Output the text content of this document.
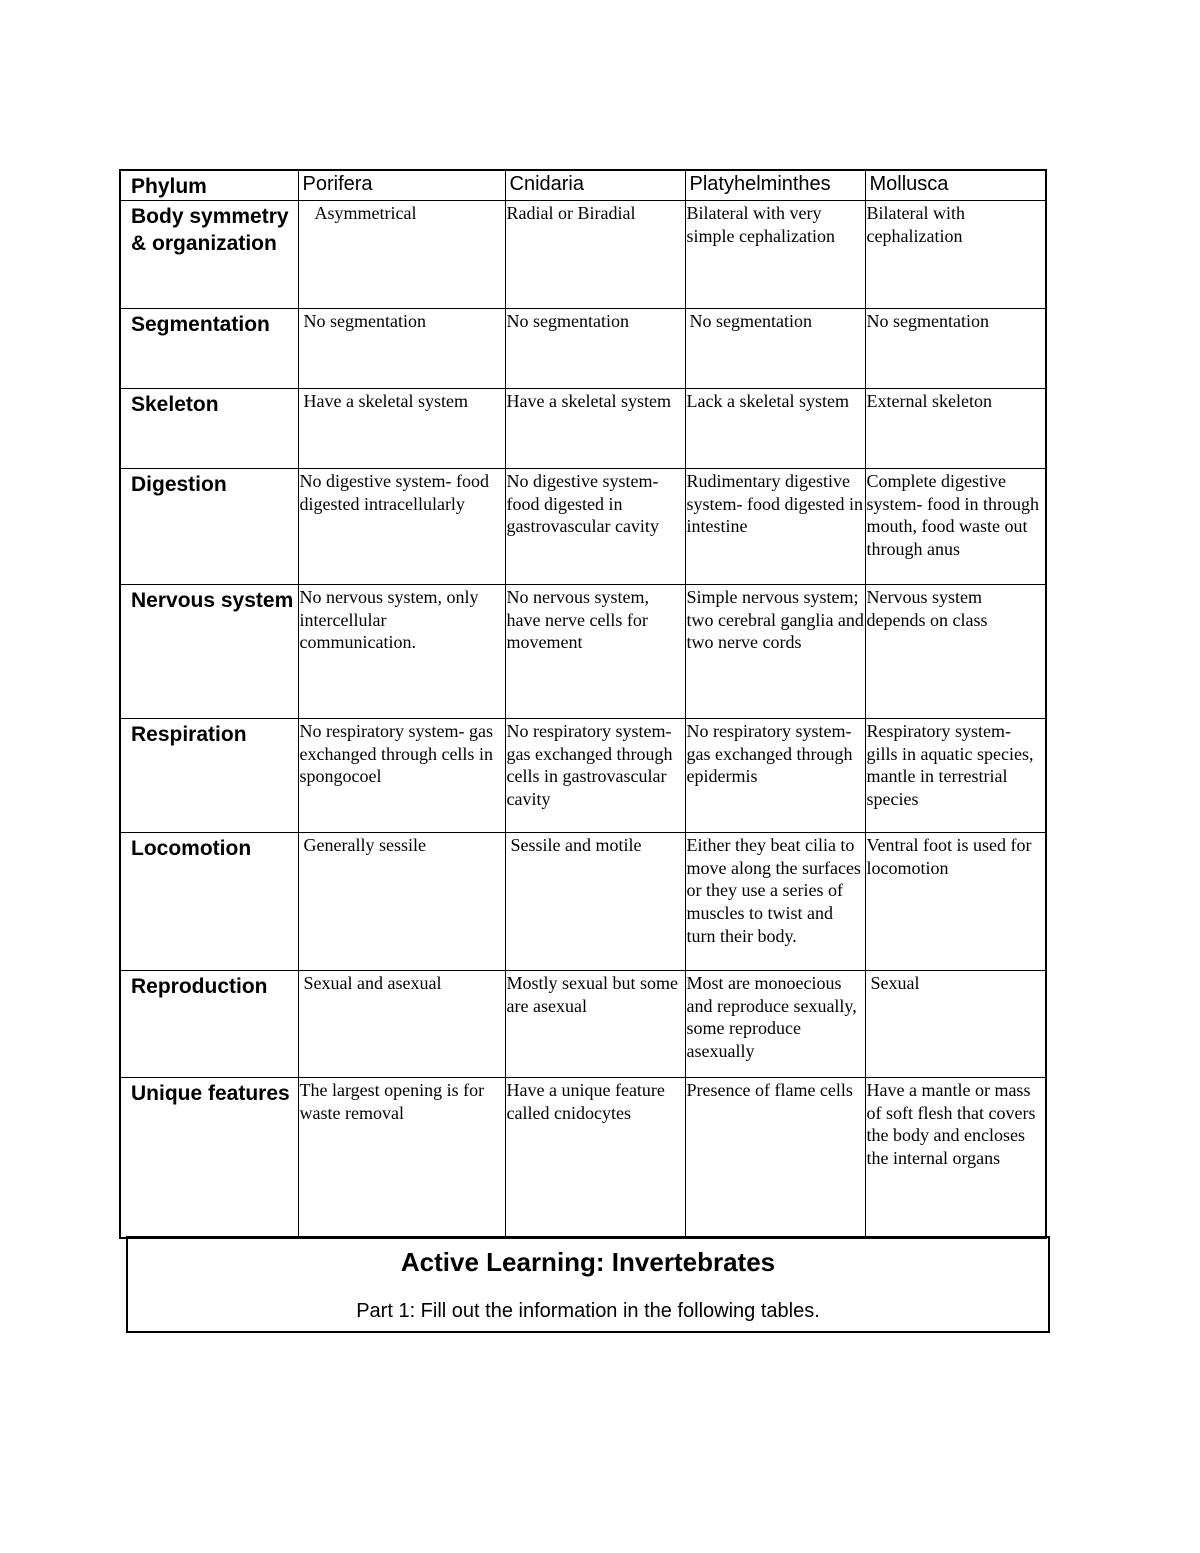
Phylum	Porifera	Cnidaria	Platyhelminthes	Mollusca
Body symmetry & organization	Asymmetrical	Radial or Biradial	Bilateral with very simple cephalization	Bilateral with cephalization
Segmentation	No segmentation	No segmentation	No segmentation	No segmentation
Skeleton	Have a skeletal system	Have a skeletal system	Lack a skeletal system	External skeleton
Digestion	No digestive system- food digested intracellularly	No digestive system- food digested in gastrovascular cavity	Rudimentary digestive system- food digested in intestine	Complete digestive system- food in through mouth, food waste out through anus
Nervous system	No nervous system, only intercellular communication.	No nervous system, have nerve cells for movement	Simple nervous system; two cerebral ganglia and two nerve cords	Nervous system depends on class
Respiration	No respiratory system- gas exchanged through cells in spongocoel	No respiratory system- gas exchanged through cells in gastrovascular cavity	No respiratory system- gas exchanged through epidermis	Respiratory system- gills in aquatic species, mantle in terrestrial species
Locomotion	Generally sessile	Sessile and motile	Either they beat cilia to move along the surfaces or they use a series of muscles to twist and turn their body.	Ventral foot is used for locomotion
Reproduction	Sexual and asexual	Mostly sexual but some are asexual	Most are monoecious and reproduce sexually, some reproduce asexually	Sexual
Unique features	The largest opening is for waste removal	Have a unique feature called cnidocytes	Presence of flame cells	Have a mantle or mass of soft flesh that covers the body and encloses the internal organs
Active Learning: Invertebrates
Part 1: Fill out the information in the following tables.
